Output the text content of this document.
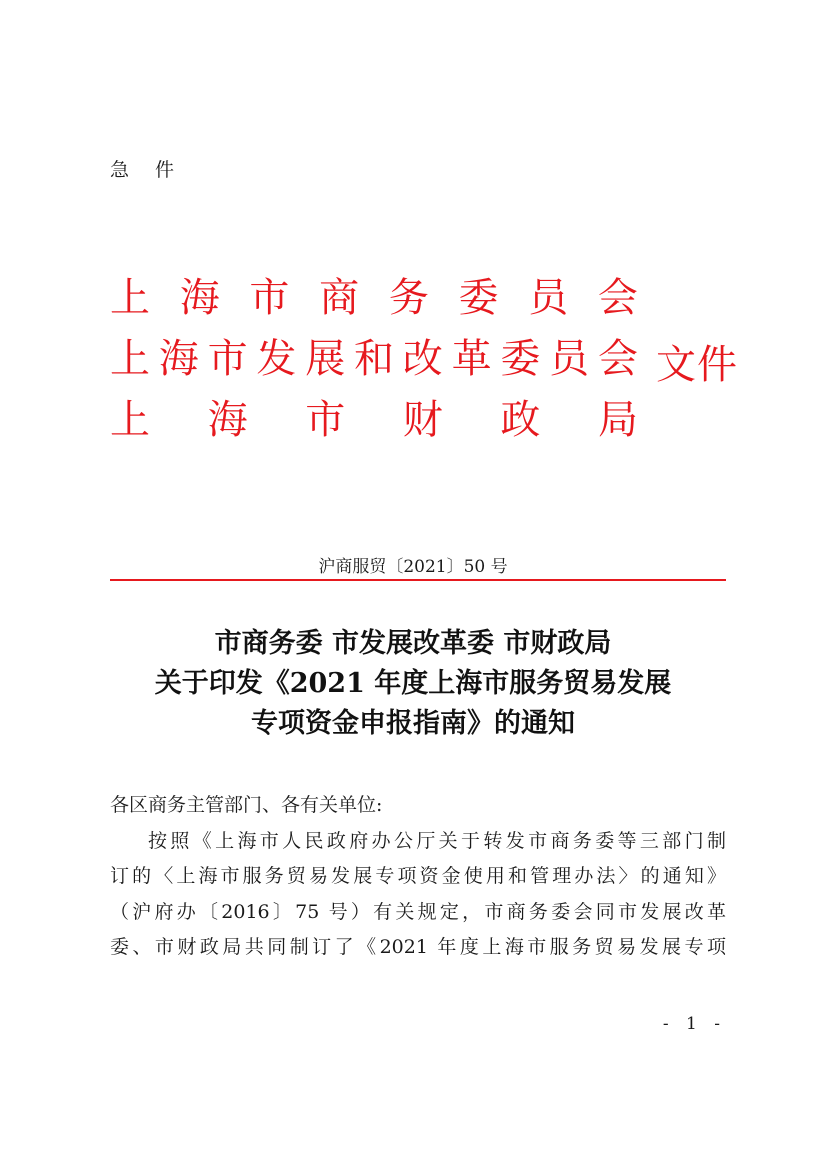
急 件
上 海 市 商 务 委 员 会
上 海 市 发 展 和 改 革 委 员 会
上 海 市 财 政 局
文件
沪商服贸〔2021〕50 号
市商务委 市发展改革委 市财政局
关于印发《2021 年度上海市服务贸易发展
专项资金申报指南》的通知

各区商务主管部门、各有关单位:

按照《上海市人民政府办公厅关于转发市商务委等三部门制

订的〈上海市服务贸易发展专项资金使用和管理办法〉的通知》

（沪府办〔2016〕75 号）有关规定，市商务委会同市发展改革

委、市财政局共同制订了《2021 年度上海市服务贸易发展专项

- 1 -
